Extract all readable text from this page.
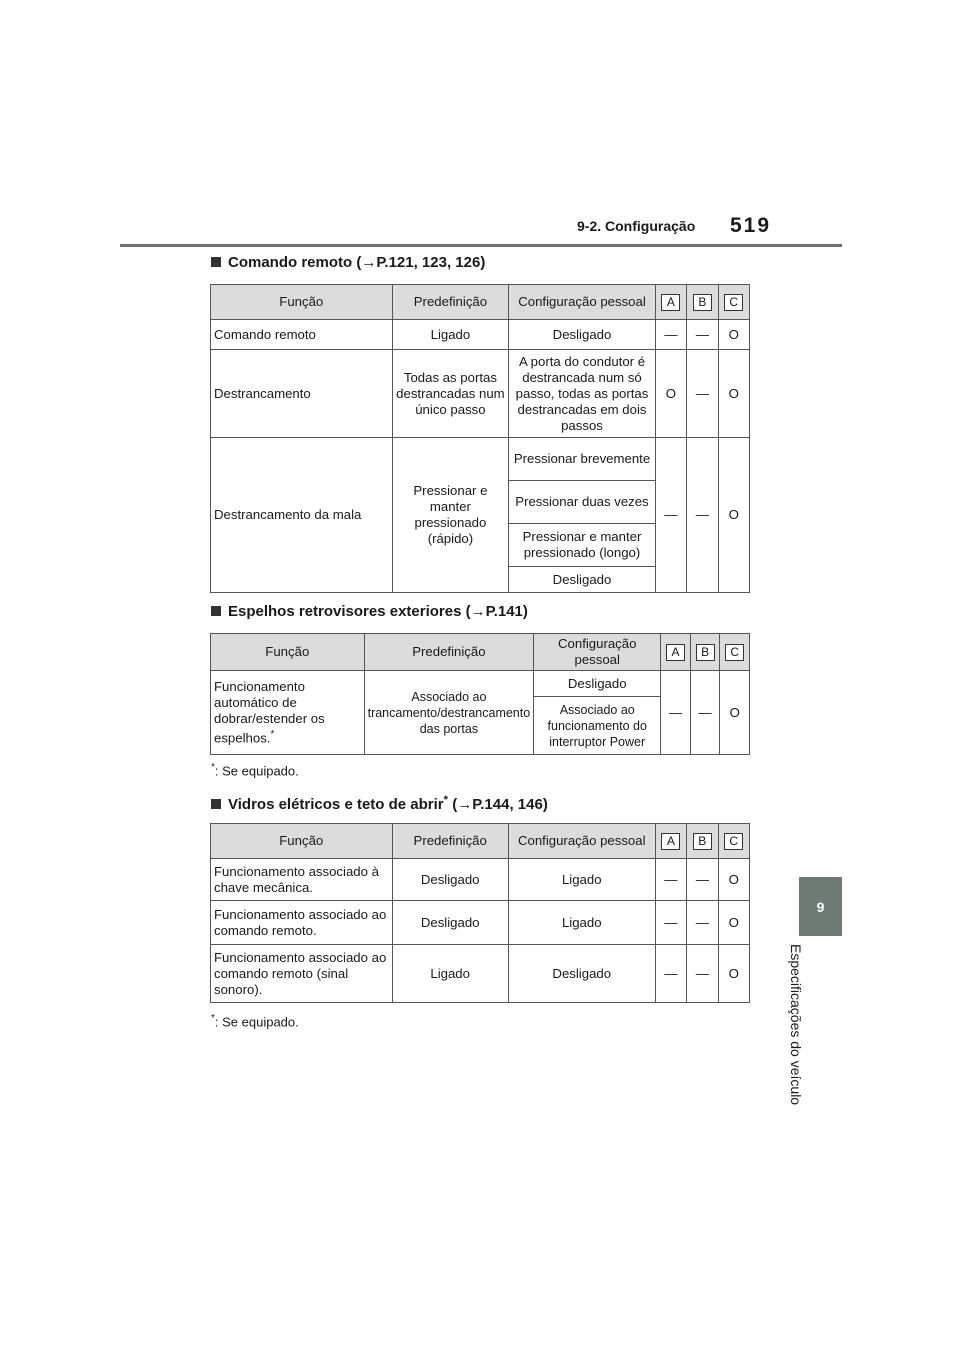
9-2. Configuração 519
9
Especificações do veículo
Comando remoto (→P.121, 123, 126)
Função	Predefinição	Configuração pessoal	A	B	C
Comando remoto	Ligado	Desligado	—	—	O
Destrancamento	Todas as portas destrancadas num único passo	A porta do condutor é destrancada num só passo, todas as portas destrancadas em dois passos	O	—	O
Destrancamento da mala	Pressionar e manter pressionado (rápido)	Pressionar brevemente	—	—	O
		Pressionar duas vezes			
		Pressionar e manter pressionado (longo)			
		Desligado			
Espelhos retrovisores exteriores (→P.141)
Função	Predefinição	Configuração pessoal	A	B	C
Funcionamento automático de dobrar/estender os espelhos.*	Associado ao trancamento/destrancamento das portas	Desligado	—	—	O
		Associado ao funcionamento do interruptor Power			
*: Se equipado.
Vidros elétricos e teto de abrir* (→P.144, 146)
Função	Predefinição	Configuração pessoal	A	B	C
Funcionamento associado à chave mecânica.	Desligado	Ligado	—	—	O
Funcionamento associado ao comando remoto.	Desligado	Ligado	—	—	O
Funcionamento associado ao comando remoto (sinal sonoro).	Ligado	Desligado	—	—	O
*: Se equipado.
